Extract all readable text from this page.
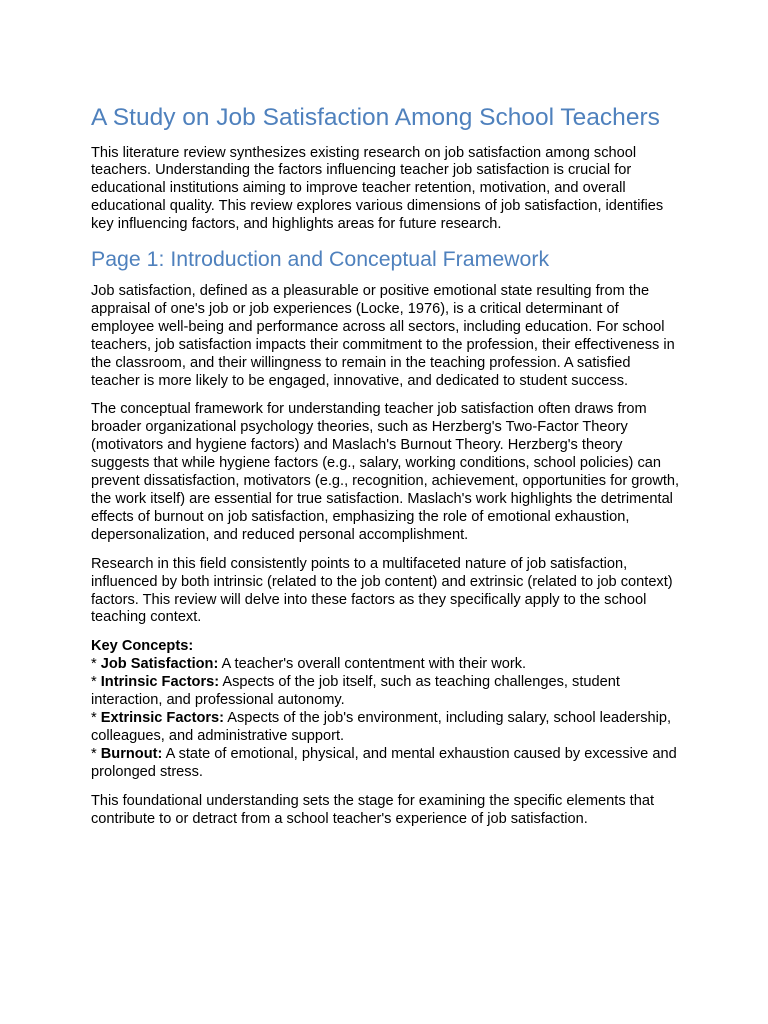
A Study on Job Satisfaction Among School Teachers

This literature review synthesizes existing research on job satisfaction among school teachers. Understanding the factors influencing teacher job satisfaction is crucial for educational institutions aiming to improve teacher retention, motivation, and overall educational quality. This review explores various dimensions of job satisfaction, identifies key influencing factors, and highlights areas for future research.

Page 1: Introduction and Conceptual Framework

Job satisfaction, defined as a pleasurable or positive emotional state resulting from the appraisal of one's job or job experiences (Locke, 1976), is a critical determinant of employee well-being and performance across all sectors, including education. For school teachers, job satisfaction impacts their commitment to the profession, their effectiveness in the classroom, and their willingness to remain in the teaching profession. A satisfied teacher is more likely to be engaged, innovative, and dedicated to student success.

The conceptual framework for understanding teacher job satisfaction often draws from broader organizational psychology theories, such as Herzberg's Two-Factor Theory (motivators and hygiene factors) and Maslach's Burnout Theory. Herzberg's theory suggests that while hygiene factors (e.g., salary, working conditions, school policies) can prevent dissatisfaction, motivators (e.g., recognition, achievement, opportunities for growth, the work itself) are essential for true satisfaction. Maslach's work highlights the detrimental effects of burnout on job satisfaction, emphasizing the role of emotional exhaustion, depersonalization, and reduced personal accomplishment.

Research in this field consistently points to a multifaceted nature of job satisfaction, influenced by both intrinsic (related to the job content) and extrinsic (related to job context) factors. This review will delve into these factors as they specifically apply to the school teaching context.

Key Concepts:
* Job Satisfaction: A teacher's overall contentment with their work.
* Intrinsic Factors: Aspects of the job itself, such as teaching challenges, student interaction, and professional autonomy.
* Extrinsic Factors: Aspects of the job's environment, including salary, school leadership, colleagues, and administrative support.
* Burnout: A state of emotional, physical, and mental exhaustion caused by excessive and prolonged stress.

This foundational understanding sets the stage for examining the specific elements that contribute to or detract from a school teacher's experience of job satisfaction.
